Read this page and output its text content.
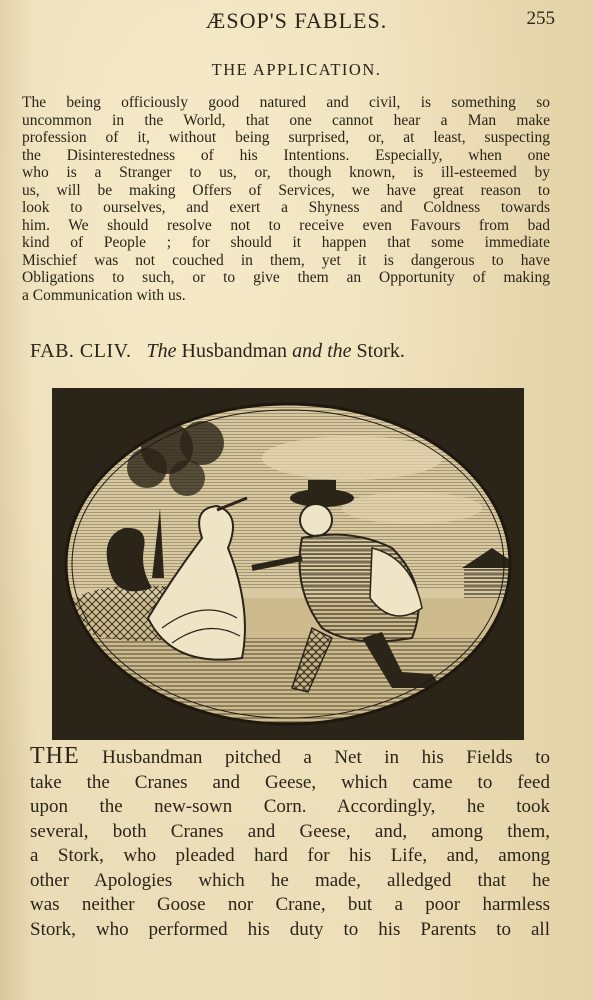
ÆSOP'S FABLES.	255
THE APPLICATION.
The being officiously good natured and civil, is something so
uncommon in the World, that one cannot hear a Man make
profession of it, without being surprised, or, at least, suspecting
the Disinterestedness of his Intentions. Especially, when one
who is a Stranger to us, or, though known, is ill-esteemed by
us, will be making Offers of Services, we have great reason to
look to ourselves, and exert a Shyness and Coldness towards
him. We should resolve not to receive even Favours from bad
kind of People ; for should it happen that some immediate
Mischief was not couched in them, yet it is dangerous to have
Obligations to such, or to give them an Opportunity of making
a Communication with us.
FAB. CLIV. The Husbandman and the Stork.
THE Husbandman pitched a Net in his Fields to
take the Cranes and Geese, which came to feed
upon the new-sown Corn. Accordingly, he took
several, both Cranes and Geese, and, among them,
a Stork, who pleaded hard for his Life, and, among
other Apologies which he made, alledged that he
was neither Goose nor Crane, but a poor harmless
Stork, who performed his duty to his Parents to all
